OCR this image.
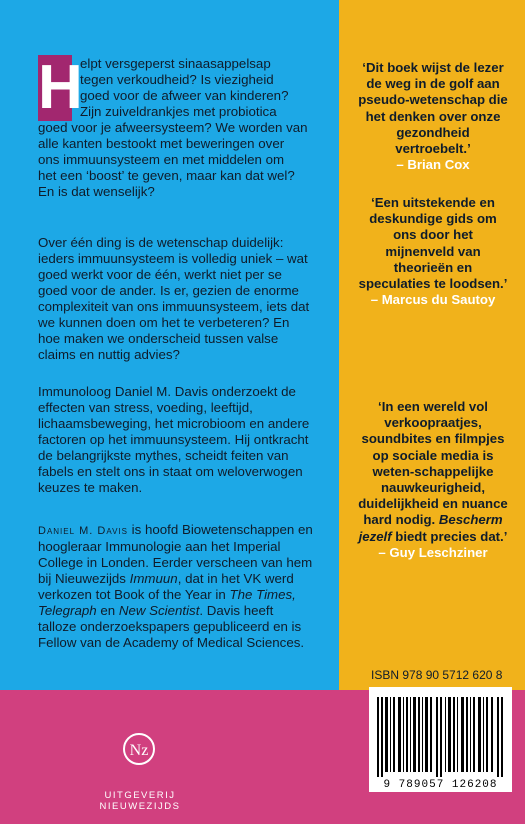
H
elpt versgeperst sinaasappelsap
tegen verkoudheid? Is viezigheid
goed voor de afweer van kinderen?
Zijn zuiveldrankjes met probiotica
goed voor je afweersysteem? We worden van
alle kanten bestookt met beweringen over
ons immuunsysteem en met middelen om
het een ‘boost’ te geven, maar kan dat wel?
En is dat wenselijk?

Over één ding is de wetenschap duidelijk: ieders immuunsysteem is volledig uniek – wat goed werkt voor de één, werkt niet per se goed voor de ander. Is er, gezien de enorme complexiteit van ons immuunsysteem, iets dat we kunnen doen om het te verbeteren? En hoe maken we onderscheid tussen valse claims en nuttig advies?

Immunoloog Daniel M. Davis onderzoekt de effecten van stress, voeding, leeftijd, lichaamsbeweging, het microbioom en andere factoren op het immuunsysteem. Hij ontkracht de belangrijkste mythes, scheidt feiten van fabels en stelt ons in staat om weloverwogen keuzes te maken.

Daniel M. Davis is hoofd Biowetenschappen en hoogleraar Immunologie aan het Imperial College in Londen. Eerder verscheen van hem bij Nieuwezijds Immuun, dat in het VK werd verkozen tot Book of the Year in The Times, Telegraph en New Scientist. Davis heeft talloze onderzoekspapers gepubliceerd en is Fellow van de Academy of Medical Sciences.

‘Dit boek wijst de lezer de weg in de golf aan pseudo-wetenschap die het denken over onze gezondheid vertroebelt.’
– Brian Cox
‘Een uitstekende en deskundige gids om ons door het mijnenveld van theorieën en speculaties te loodsen.’
– Marcus du Sautoy
‘In een wereld vol verkoopraatjes, soundbites en filmpjes op sociale media is weten-schappelijke nauwkeurigheid, duidelijkheid en nuance hard nodig. Bescherm jezelf biedt precies dat.’
– Guy Leschziner
ISBN 978 90 5712 620 8
9 789057 126208
Nz
UITGEVERIJ NIEUWEZIJDS
